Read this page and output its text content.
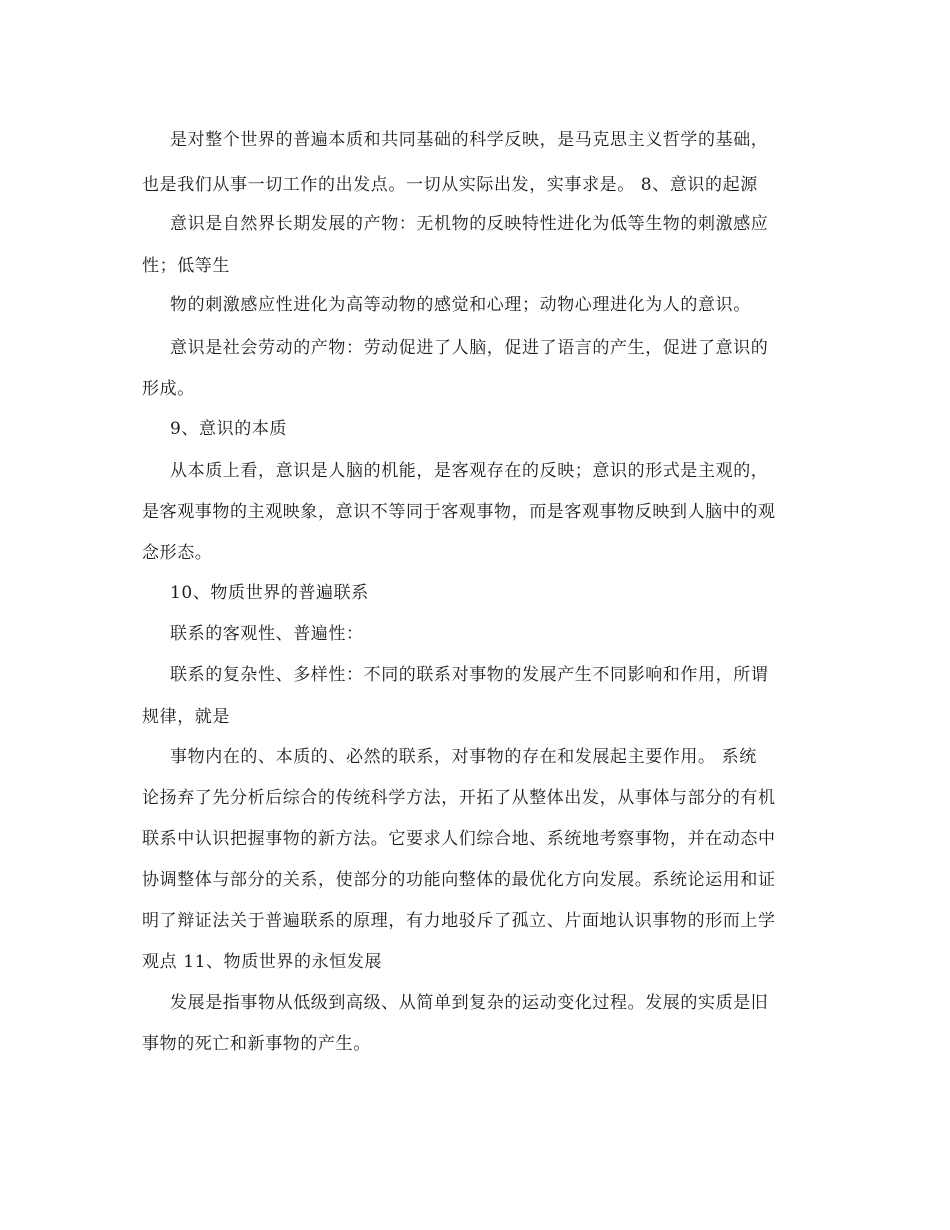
是对整个世界的普遍本质和共同基础的科学反映，是马克思主义哲学的基础，

也是我们从事一切工作的出发点。一切从实际出发，实事求是。 8、意识的起源

意识是自然界长期发展的产物：无机物的反映特性进化为低等生物的刺激感应

性；低等生

物的刺激感应性进化为高等动物的感觉和心理；动物心理进化为人的意识。

意识是社会劳动的产物：劳动促进了人脑，促进了语言的产生，促进了意识的

形成。

9、意识的本质

从本质上看，意识是人脑的机能，是客观存在的反映；意识的形式是主观的，

是客观事物的主观映象，意识不等同于客观事物，而是客观事物反映到人脑中的观

念形态。

10、物质世界的普遍联系

联系的客观性、普遍性：

联系的复杂性、多样性：不同的联系对事物的发展产生不同影响和作用，所谓

规律，就是

事物内在的、本质的、必然的联系，对事物的存在和发展起主要作用。 系统

论扬弃了先分析后综合的传统科学方法，开拓了从整体出发，从事体与部分的有机

联系中认识把握事物的新方法。它要求人们综合地、系统地考察事物，并在动态中

协调整体与部分的关系，使部分的功能向整体的最优化方向发展。系统论运用和证

明了辩证法关于普遍联系的原理，有力地驳斥了孤立、片面地认识事物的形而上学

观点 11、物质世界的永恒发展

发展是指事物从低级到高级、从简单到复杂的运动变化过程。发展的实质是旧

事物的死亡和新事物的产生。
